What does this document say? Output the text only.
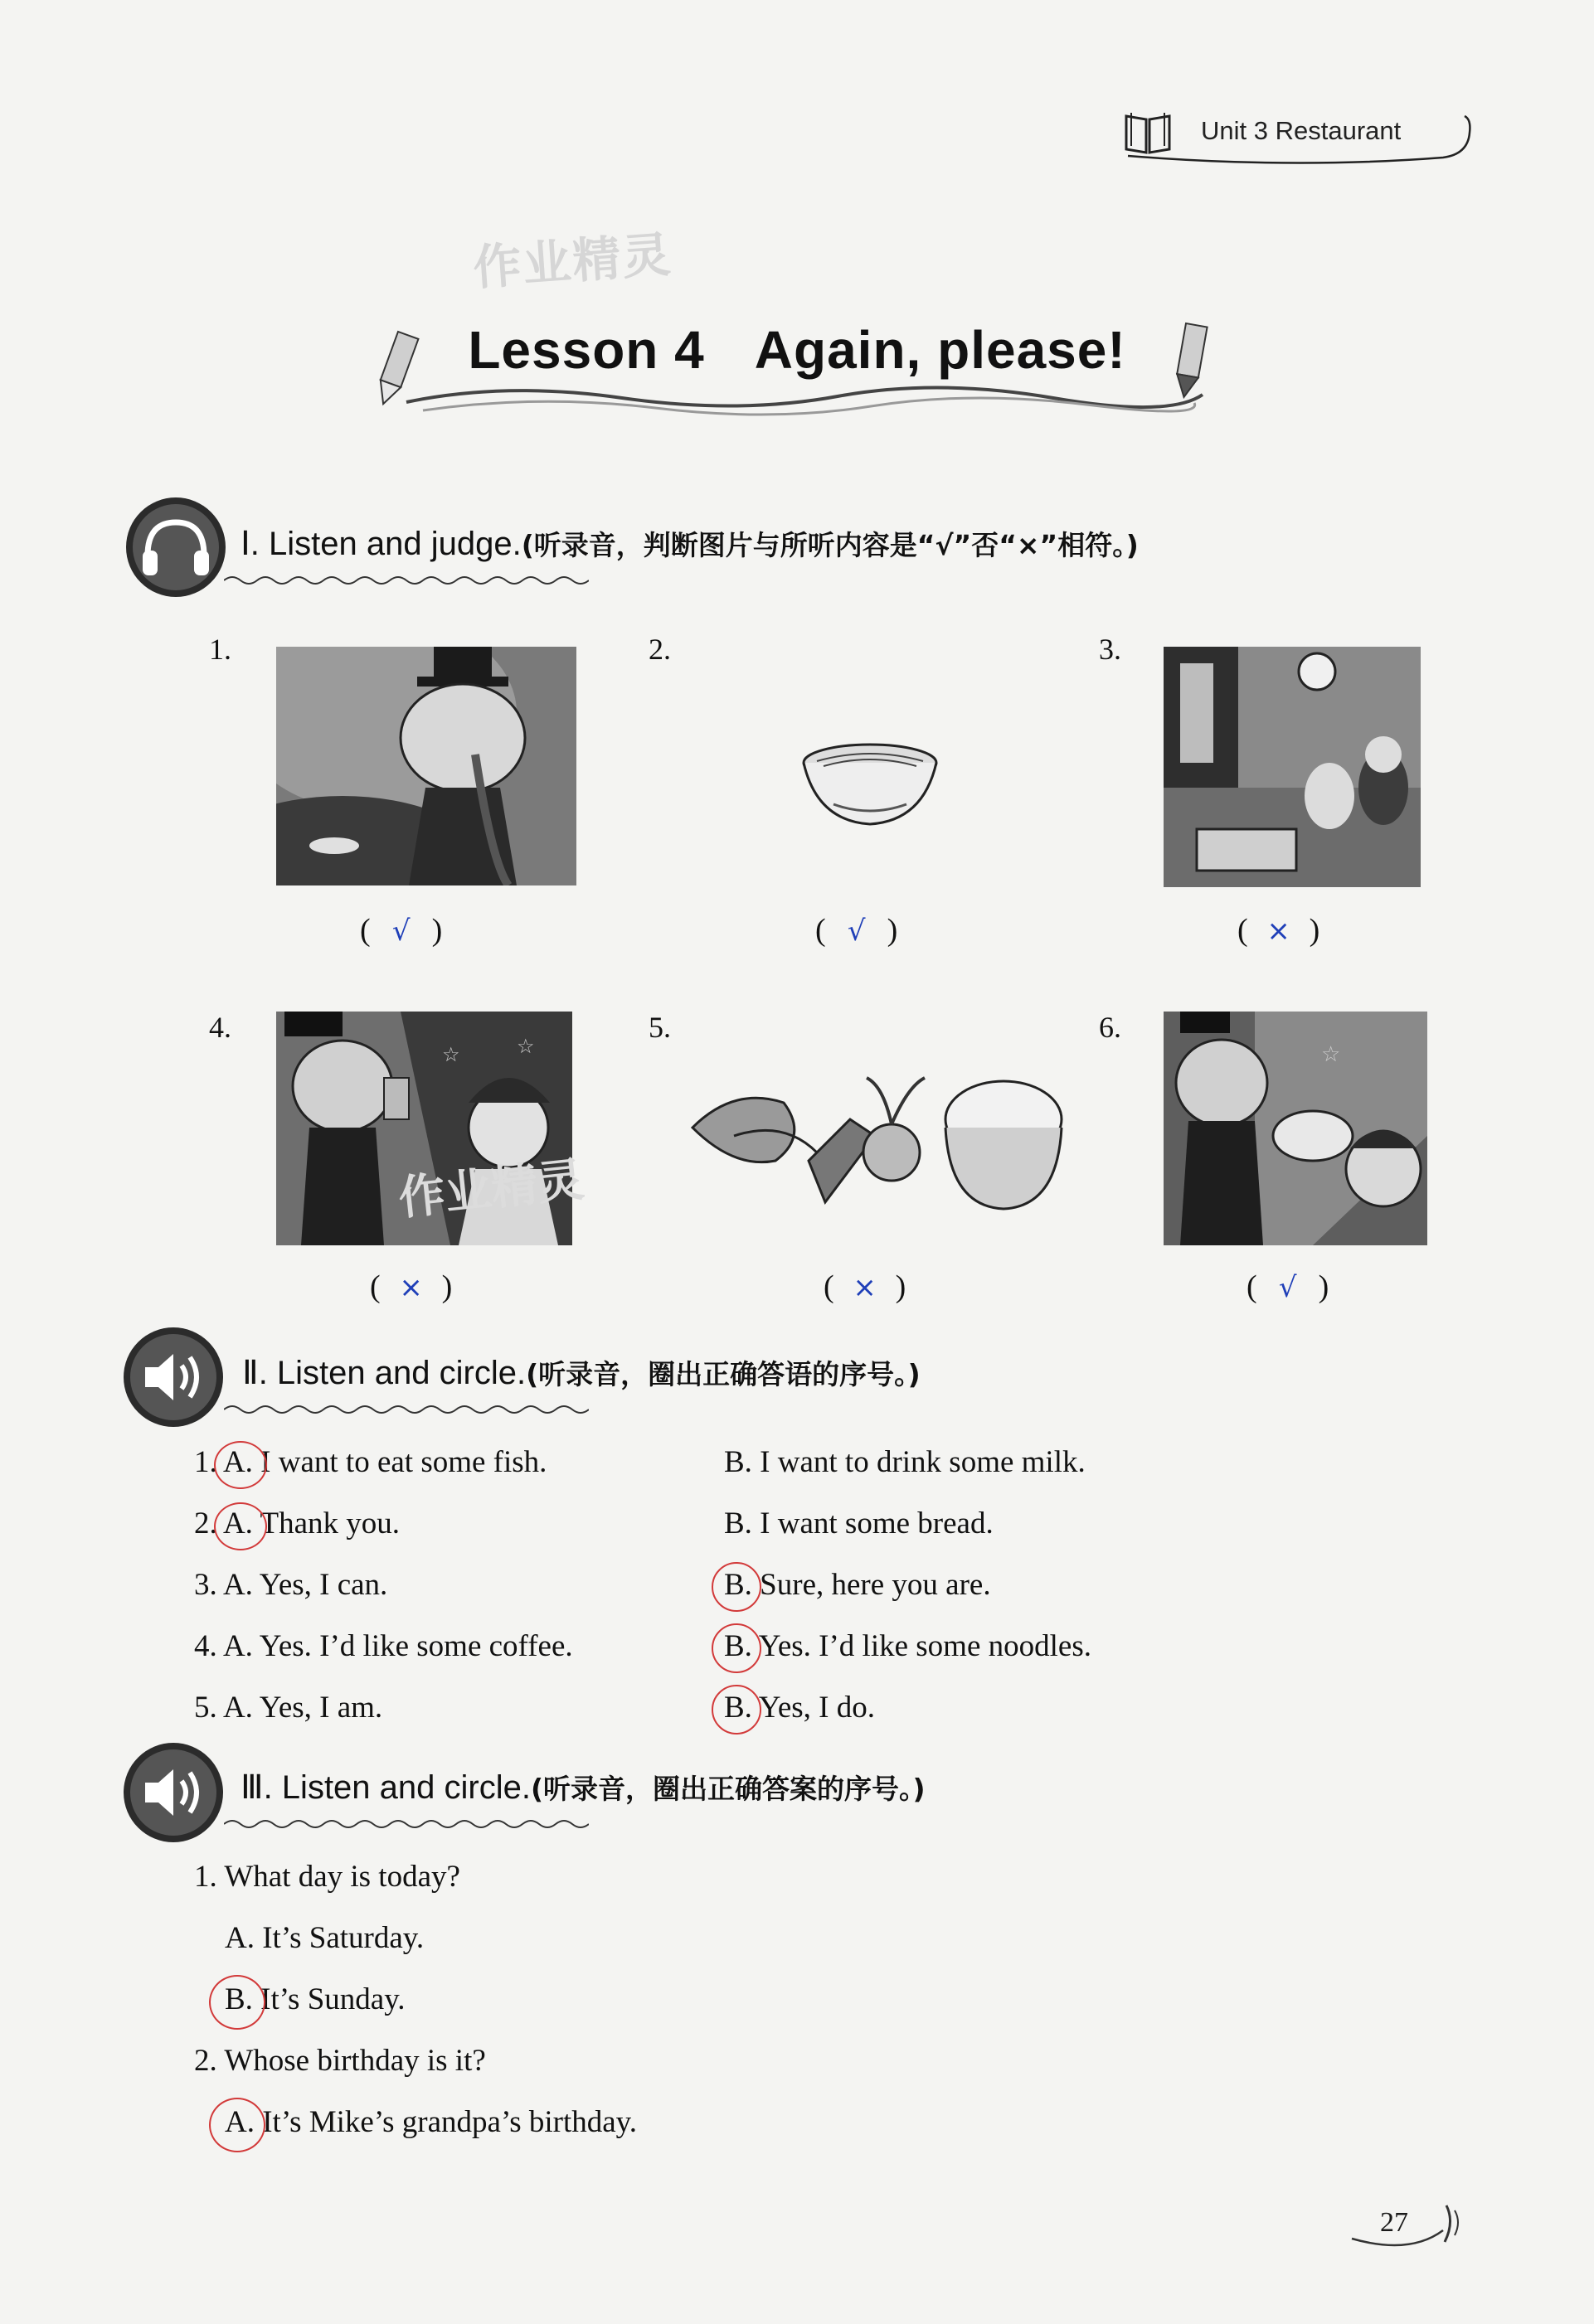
Unit 3 Restaurant
作业精灵
Lesson 4 Again, please!
Ⅰ. Listen and judge.(听录音，判断图片与所听内容是“√”否“×”相符。)
1.	2.	3.
( √ )	( √ )	( × )
4.
☆	☆
作业精灵
5.	6.
☆
( × )	( × )	( √ )
Ⅱ. Listen and circle.(听录音，圈出正确答语的序号。)
1. A. I want to eat some fish.	B. I want to drink some milk.
2. A. Thank you.	B. I want some bread.
3. A. Yes, I can.	B. Sure, here you are.
4. A. Yes. I’d like some coffee.	B. Yes. I’d like some noodles.
5. A. Yes, I am.	B. Yes, I do.
Ⅲ. Listen and circle.(听录音，圈出正确答案的序号。)
1. What day is today?
A. It’s Saturday.
B. It’s Sunday.
2. Whose birthday is it?
A. It’s Mike’s grandpa’s birthday.
27
